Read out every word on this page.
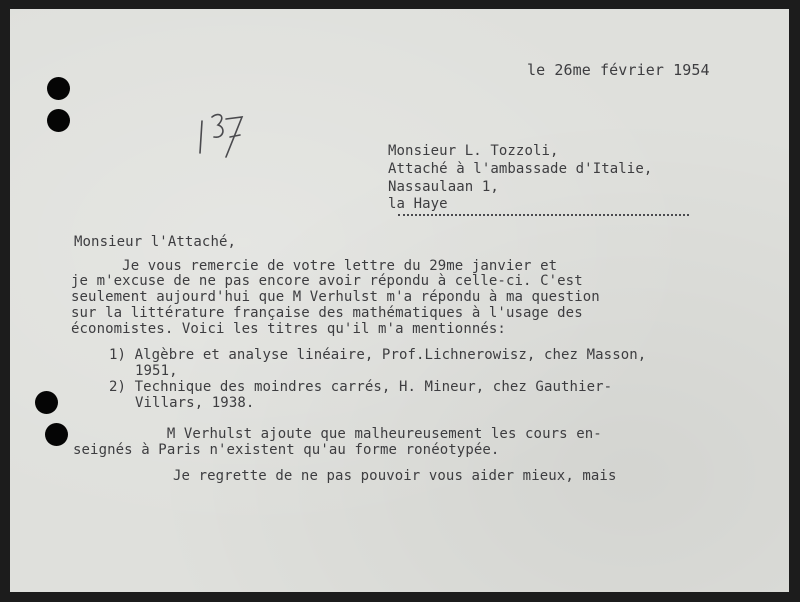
le 26me février 1954
Monsieur L. Tozzoli,
Attaché à l'ambassade d'Italie,
Nassaulaan 1,
la Haye
Monsieur l'Attaché,
Je vous remercie de votre lettre du 29me janvier et
je m'excuse de ne pas encore avoir répondu à celle-ci. C'est
seulement aujourd'hui que M Verhulst m'a répondu à ma question
sur la littérature française des mathématiques à l'usage des
économistes. Voici les titres qu'il m'a mentionnés:
1) Algèbre et analyse linéaire, Prof.Lichnerowisz, chez Masson,
1951,
2) Technique des moindres carrés, H. Mineur, chez Gauthier-
Villars, 1938.
M Verhulst ajoute que malheureusement les cours en-
seignés à Paris n'existent qu'au forme ronéotypée.
Je regrette de ne pas pouvoir vous aider mieux, mais
